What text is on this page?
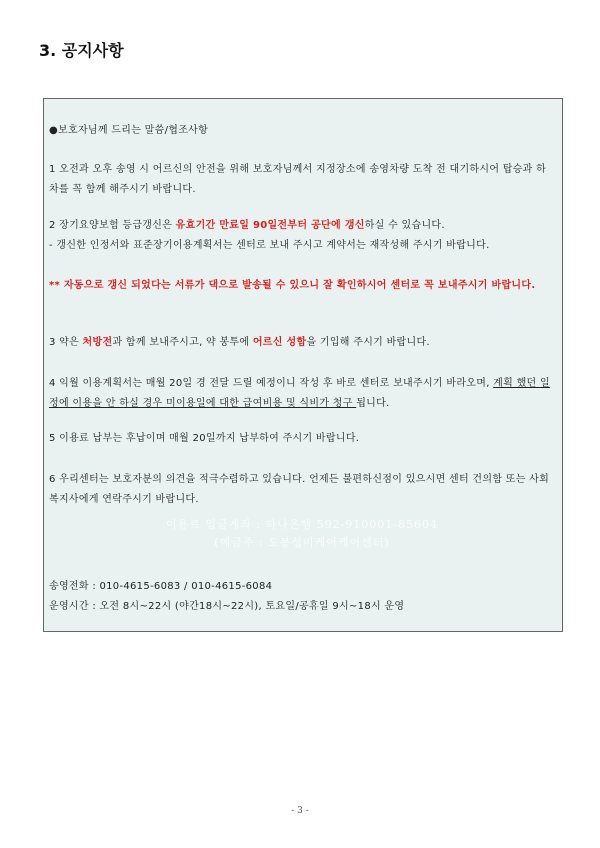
3. 공지사항
●보호자님께 드리는 말씀/협조사항
1 오전과 오후 송영 시 어르신의 안전을 위해 보호자님께서 지정장소에 송영차량 도착 전 대기하시어 탑승과 하차를 꼭 함께 해주시기 바랍니다.
2 장기요양보험 등급갱신은 유효기간 만료일 90일전부터 공단에 갱신하실 수 있습니다.
- 갱신한 인정서와 표준장기이용계획서는 센터로 보내 주시고 계약서는 재작성해 주시기 바랍니다.
** 자동으로 갱신 되었다는 서류가 댁으로 발송될 수 있으니 잘 확인하시어 센터로 꼭 보내주시기 바랍니다.
3 약은 처방전과 함께 보내주시고, 약 봉투에 어르신 성함을 기입해 주시기 바랍니다.
4 익월 이용계획서는 매월 20일 경 전달 드릴 예정이니 작성 후 바로 센터로 보내주시기 바라오며, 계획 했던 일정에 이용을 안 하실 경우 미이용일에 대한 급여비용 및 식비가 청구 됩니다.
5 이용료 납부는 후납이며 매월 20일까지 납부하여 주시기 바랍니다.
6 우리센터는 보호자분의 의견을 적극수렴하고 있습니다. 언제든 불편하신점이 있으시면 센터 건의함 또는 사회복지사에게 연락주시기 바랍니다.
이용료 입금계좌 : 하나은행 592-910001-85604
(예금주 : 도봉성비케어케어센터)
송영전화 : 010-4615-6083 / 010-4615-6084
운영시간 : 오전 8시~22시 (야간18시~22시), 토요일/공휴일 9시~18시 운영
- 3 -
